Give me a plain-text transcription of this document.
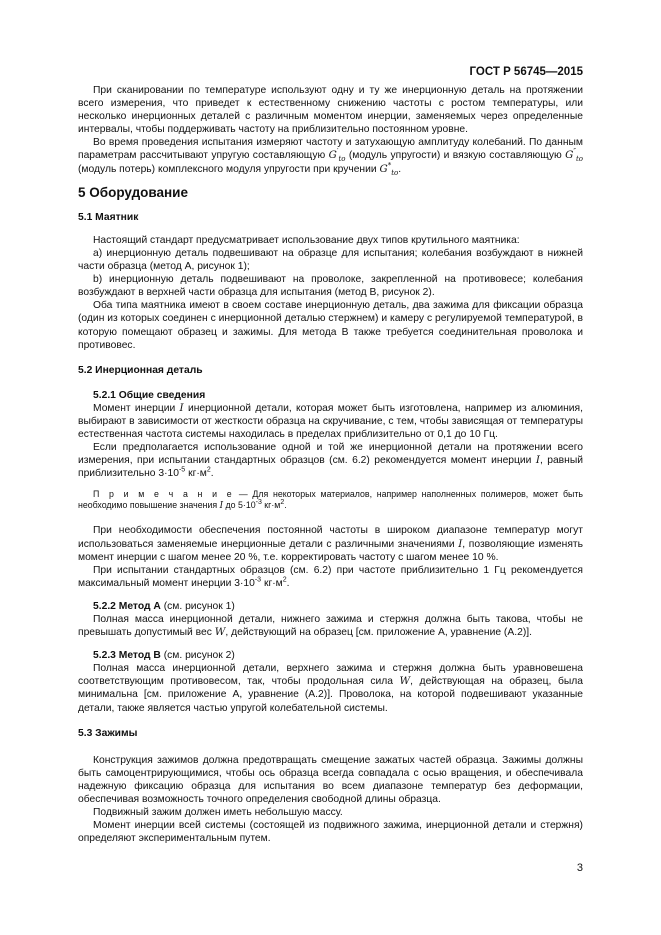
ГОСТ Р 56745—2015

При сканировании по температуре используют одну и ту же инерционную деталь на протяжении всего измерения, что приведет к естественному снижению частоты с ростом температуры, или несколько инерционных деталей с различным моментом инерции, заменяемых через определенные интервалы, чтобы поддерживать частоту на приблизительно постоянном уровне.

Во время проведения испытания измеряют частоту и затухающую амплитуду колебаний. По данным параметрам рассчитывают упругую составляющую $G'_{to}$ (модуль упругости) и вязкую составляющую $G''_{to}$ (модуль потерь) комплексного модуля упругости при кручении $G^*_{to}$.

5 Оборудование
5.1 Маятник

Настоящий стандарт предусматривает использование двух типов крутильного маятника:

a) инерционную деталь подвешивают на образце для испытания; колебания возбуждают в нижней части образца (метод А, рисунок 1);

b) инерционную деталь подвешивают на проволоке, закрепленной на противовесе; колебания возбуждают в верхней части образца для испытания (метод В, рисунок 2).

Оба типа маятника имеют в своем составе инерционную деталь, два зажима для фиксации образца (один из которых соединен с инерционной деталью стержнем) и камеру с регулируемой температурой, в которую помещают образец и зажимы. Для метода В также требуется соединительная проволока и противовес.

5.2 Инерционная деталь
5.2.1 Общие сведения

Момент инерции I инерционной детали, которая может быть изготовлена, например из алюминия, выбирают в зависимости от жесткости образца на скручивание, с тем, чтобы зависящая от температуры естественная частота системы находилась в пределах приблизительно от 0,1 до 10 Гц.

Если предполагается использование одной и той же инерционной детали на протяжении всего измерения, при испытании стандартных образцов (см. 6.2) рекомендуется момент инерции I, равный приблизительно $3\cdot 10^{-5}$ $кг\cdot м^2$.

П р и м е ч а н и е — Для некоторых материалов, например наполненных полимеров, может быть необходимо повышение значения I до $5\cdot 10^{-3}$ $кг\cdot м^2$.

При необходимости обеспечения постоянной частоты в широком диапазоне температур могут использоваться заменяемые инерционные детали с различными значениями I, позволяющие изменять момент инерции с шагом менее 20 %, т.е. корректировать частоту с шагом менее 10 %.

При испытании стандартных образцов (см. 6.2) при частоте приблизительно 1 Гц рекомендуется максимальный момент инерции $3\cdot 10^{-3}$ $кг\cdot м^2$.

5.2.2 Метод А (см. рисунок 1)

Полная масса инерционной детали, нижнего зажима и стержня должна быть такова, чтобы не превышать допустимый вес W, действующий на образец [см. приложение А, уравнение (А.2)].

5.2.3 Метод В (см. рисунок 2)

Полная масса инерционной детали, верхнего зажима и стержня должна быть уравновешена соответствующим противовесом, так, чтобы продольная сила W, действующая на образец, была минимальна [см. приложение А, уравнение (А.2)]. Проволока, на которой подвешивают указанные детали, также является частью упругой колебательной системы.

5.3 Зажимы

Конструкция зажимов должна предотвращать смещение зажатых частей образца. Зажимы должны быть самоцентрирующимися, чтобы ось образца всегда совпадала с осью вращения, и обеспечивала надежную фиксацию образца для испытания во всем диапазоне температур без деформации, обеспечивая возможность точного определения свободной длины образца.

Подвижный зажим должен иметь небольшую массу.

Момент инерции всей системы (состоящей из подвижного зажима, инерционной детали и стержня) определяют экспериментальным путем.

3
